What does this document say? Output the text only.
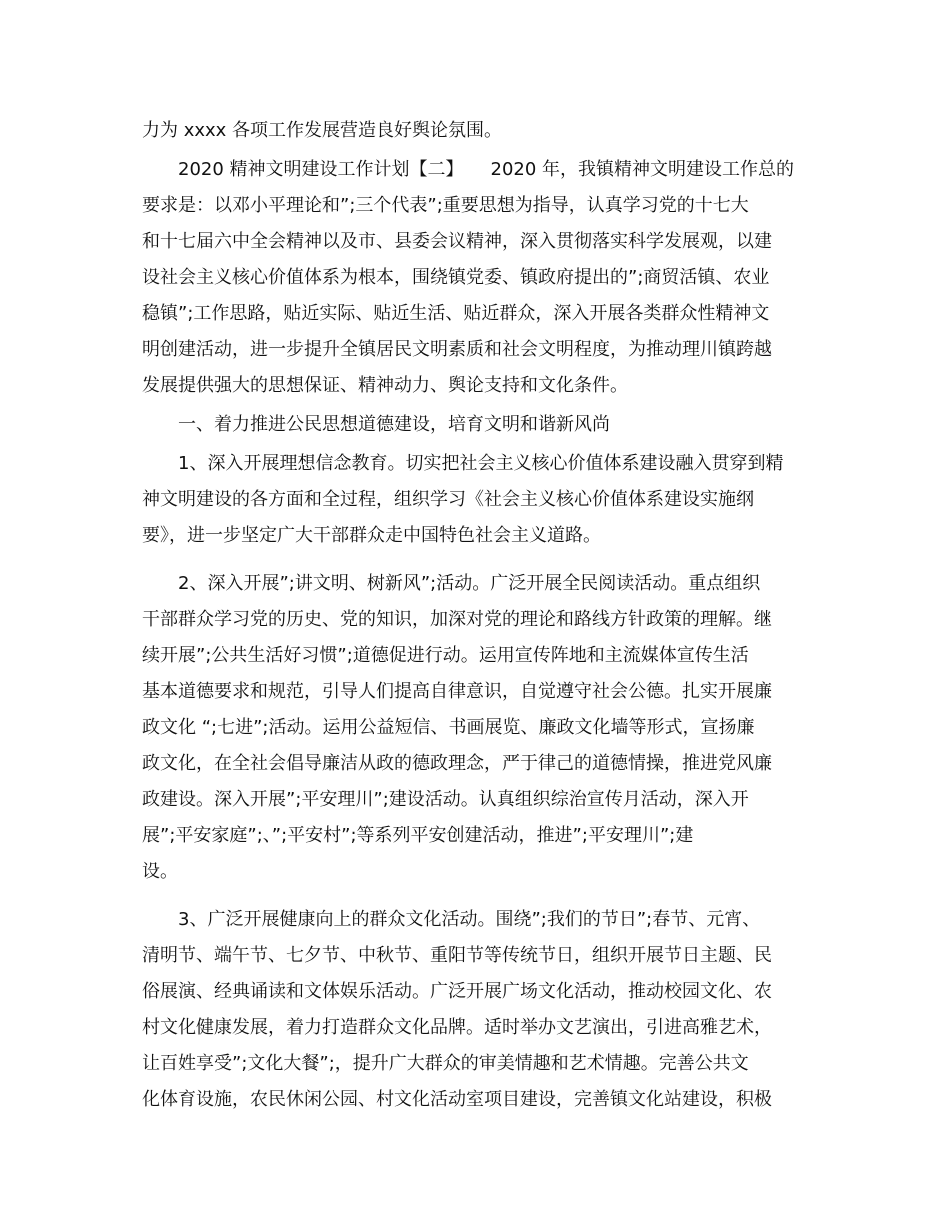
力为 xxxx 各项工作发展营造良好舆论氛围。
　　2020 精神文明建设工作计划【二】　　2020 年，我镇精神文明建设工作总的
要求是：以邓小平理论和”;三个代表”;重要思想为指导，认真学习党的十七大
和十七届六中全会精神以及市、县委会议精神，深入贯彻落实科学发展观，以建
设社会主义核心价值体系为根本，围绕镇党委、镇政府提出的”;商贸活镇、农业
稳镇”;工作思路，贴近实际、贴近生活、贴近群众，深入开展各类群众性精神文
明创建活动，进一步提升全镇居民文明素质和社会文明程度，为推动理川镇跨越
发展提供强大的思想保证、精神动力、舆论支持和文化条件。
　　一、着力推进公民思想道德建设，培育文明和谐新风尚
　　1、深入开展理想信念教育。切实把社会主义核心价值体系建设融入贯穿到精
神文明建设的各方面和全过程，组织学习《社会主义核心价值体系建设实施纲
要》，进一步坚定广大干部群众走中国特色社会主义道路。
　　2、深入开展”;讲文明、树新风”;活动。广泛开展全民阅读活动。重点组织
干部群众学习党的历史、党的知识，加深对党的理论和路线方针政策的理解。继
续开展”;公共生活好习惯”;道德促进行动。运用宣传阵地和主流媒体宣传生活
基本道德要求和规范，引导人们提高自律意识，自觉遵守社会公德。扎实开展廉
政文化 “;七进”;活动。运用公益短信、书画展览、廉政文化墙等形式，宣扬廉
政文化，在全社会倡导廉洁从政的德政理念，严于律己的道德情操，推进党风廉
政建设。深入开展”;平安理川”;建设活动。认真组织综治宣传月活动，深入开
展”;平安家庭”;、”;平安村”;等系列平安创建活动，推进”;平安理川”;建
设。
　　3、广泛开展健康向上的群众文化活动。围绕”;我们的节日”;春节、元宵、
清明节、端午节、七夕节、中秋节、重阳节等传统节日，组织开展节日主题、民
俗展演、经典诵读和文体娱乐活动。广泛开展广场文化活动，推动校园文化、农
村文化健康发展，着力打造群众文化品牌。适时举办文艺演出，引进高雅艺术，
让百姓享受”;文化大餐”;，提升广大群众的审美情趣和艺术情趣。完善公共文
化体育设施，农民休闲公园、村文化活动室项目建设，完善镇文化站建设，积极
